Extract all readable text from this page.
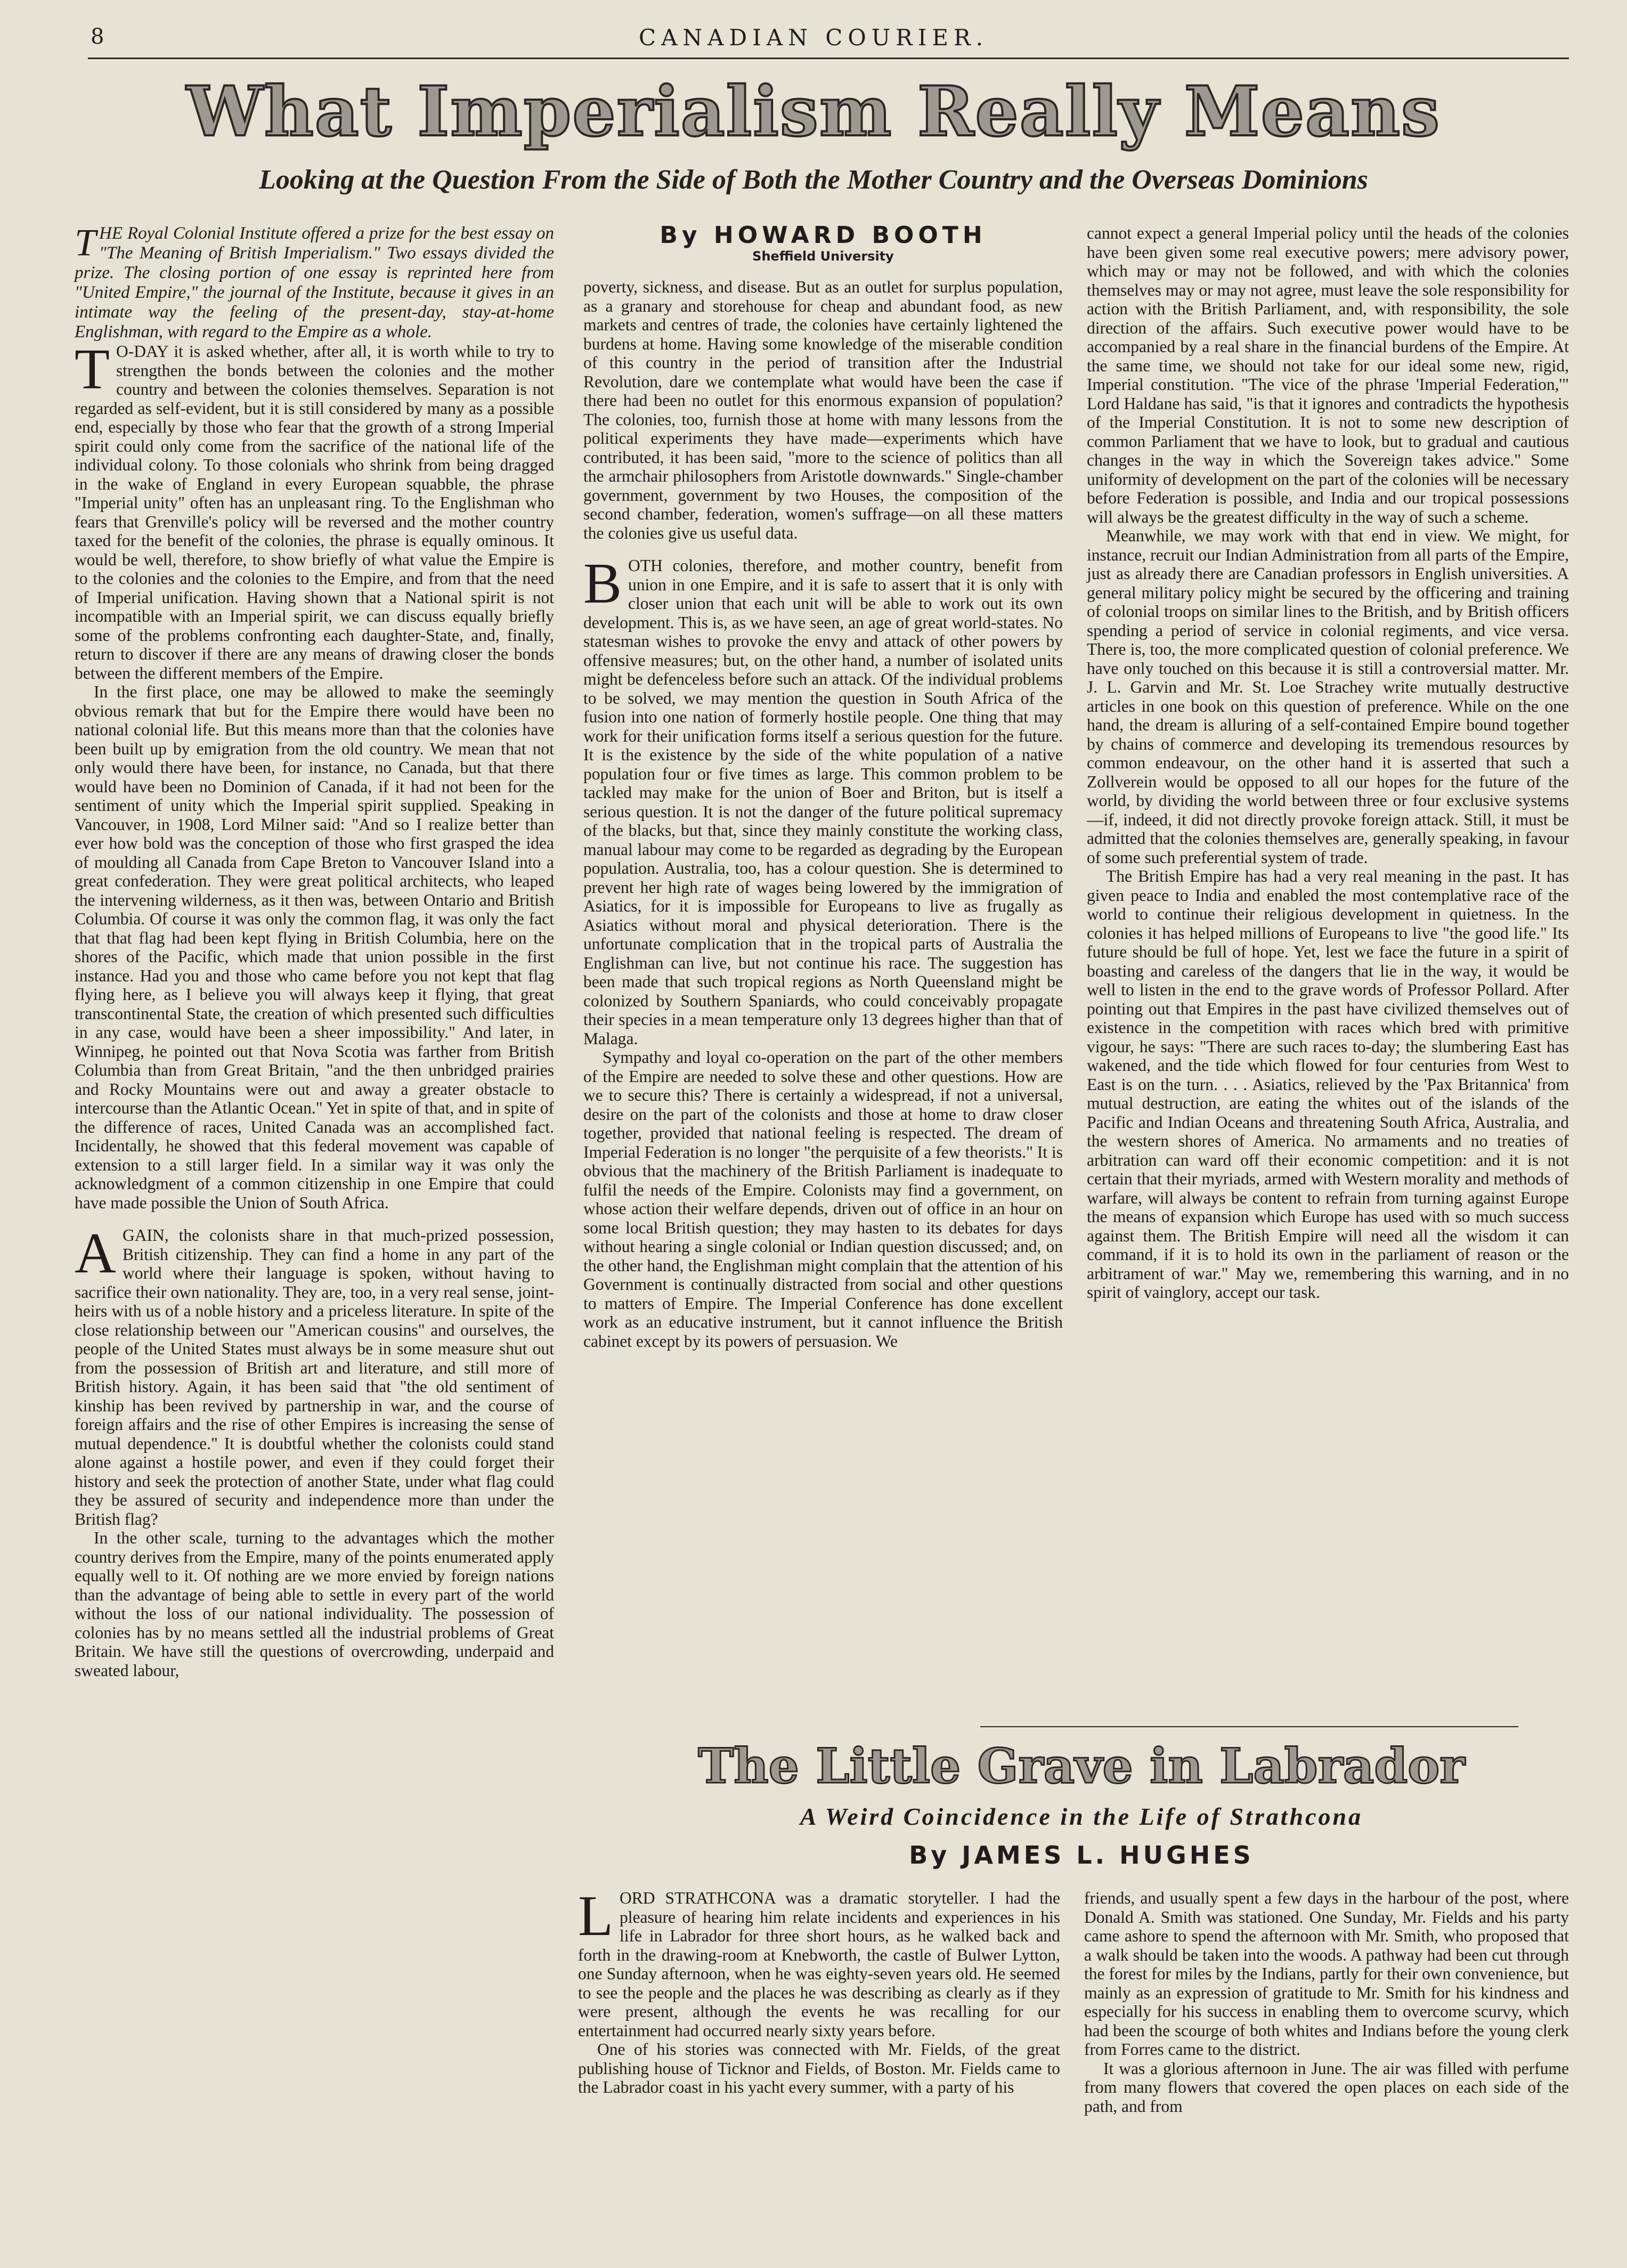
8	CANADIAN COURIER.
What Imperialism Really Means
Looking at the Question From the Side of Both the Mother Country and the Overseas Dominions

THE Royal Colonial Institute offered a prize for the best essay on "The Meaning of British Imperialism." Two essays divided the prize. The closing portion of one essay is reprinted here from "United Empire," the journal of the Institute, because it gives in an intimate way the feeling of the present-day, stay-at-home Englishman, with regard to the Empire as a whole.

T O-DAY it is asked whether, after all, it is worth while to try to strengthen the bonds between the colonies and the mother country and between the colonies themselves. Separation is not regarded as self-evident, but it is still considered by many as a possible end, especially by those who fear that the growth of a strong Imperial spirit could only come from the sacrifice of the national life of the individual colony. To those colonials who shrink from being dragged in the wake of England in every European squabble, the phrase "Imperial unity" often has an unpleasant ring. To the Englishman who fears that Grenville's policy will be reversed and the mother country taxed for the benefit of the colonies, the phrase is equally ominous. It would be well, therefore, to show briefly of what value the Empire is to the colonies and the colonies to the Empire, and from that the need of Imperial unification. Having shown that a National spirit is not incompatible with an Imperial spirit, we can discuss equally briefly some of the problems confronting each daughter-State, and, finally, return to discover if there are any means of drawing closer the bonds between the different members of the Empire.

In the first place, one may be allowed to make the seemingly obvious remark that but for the Empire there would have been no national colonial life. But this means more than that the colonies have been built up by emigration from the old country. We mean that not only would there have been, for instance, no Canada, but that there would have been no Dominion of Canada, if it had not been for the sentiment of unity which the Imperial spirit supplied. Speaking in Vancouver, in 1908, Lord Milner said: "And so I realize better than ever how bold was the conception of those who first grasped the idea of moulding all Canada from Cape Breton to Vancouver Island into a great confederation. They were great political architects, who leaped the intervening wilderness, as it then was, between Ontario and British Columbia. Of course it was only the common flag, it was only the fact that that flag had been kept flying in British Columbia, here on the shores of the Pacific, which made that union possible in the first instance. Had you and those who came before you not kept that flag flying here, as I believe you will always keep it flying, that great transcontinental State, the creation of which presented such difficulties in any case, would have been a sheer impossibility." And later, in Winnipeg, he pointed out that Nova Scotia was farther from British Columbia than from Great Britain, "and the then unbridged prairies and Rocky Mountains were out and away a greater obstacle to intercourse than the Atlantic Ocean." Yet in spite of that, and in spite of the difference of races, United Canada was an accomplished fact. Incidentally, he showed that this federal movement was capable of extension to a still larger field. In a similar way it was only the acknowledgment of a common citizenship in one Empire that could have made possible the Union of South Africa.

AGAIN, the colonists share in that much-prized possession, British citizenship. They can find a home in any part of the world where their language is spoken, without having to sacrifice their own nationality. They are, too, in a very real sense, joint-heirs with us of a noble history and a priceless literature. In spite of the close relationship between our "American cousins" and ourselves, the people of the United States must always be in some measure shut out from the possession of British art and literature, and still more of British history. Again, it has been said that "the old sentiment of kinship has been revived by partnership in war, and the course of foreign affairs and the rise of other Empires is increasing the sense of mutual dependence." It is doubtful whether the colonists could stand alone against a hostile power, and even if they could forget their history and seek the protection of another State, under what flag could they be assured of security and independence more than under the British flag?

In the other scale, turning to the advantages which the mother country derives from the Empire, many of the points enumerated apply equally well to it. Of nothing are we more envied by foreign nations than the advantage of being able to settle in every part of the world without the loss of our national individuality. The possession of colonies has by no means settled all the industrial problems of Great Britain. We have still the questions of overcrowding, underpaid and sweated labour,

By HOWARD BOOTH
Sheffield University

poverty, sickness, and disease. But as an outlet for surplus population, as a granary and storehouse for cheap and abundant food, as new markets and centres of trade, the colonies have certainly lightened the burdens at home. Having some knowledge of the miserable condition of this country in the period of transition after the Industrial Revolution, dare we contemplate what would have been the case if there had been no outlet for this enormous expansion of population? The colonies, too, furnish those at home with many lessons from the political experiments they have made—experiments which have contributed, it has been said, "more to the science of politics than all the armchair philosophers from Aristotle downwards." Single-chamber government, government by two Houses, the composition of the second chamber, federation, women's suffrage—on all these matters the colonies give us useful data.

BOTH colonies, therefore, and mother country, benefit from union in one Empire, and it is safe to assert that it is only with closer union that each unit will be able to work out its own development. This is, as we have seen, an age of great world-states. No statesman wishes to provoke the envy and attack of other powers by offensive measures; but, on the other hand, a number of isolated units might be defenceless before such an attack. Of the individual problems to be solved, we may mention the question in South Africa of the fusion into one nation of formerly hostile people. One thing that may work for their unification forms itself a serious question for the future. It is the existence by the side of the white population of a native population four or five times as large. This common problem to be tackled may make for the union of Boer and Briton, but is itself a serious question. It is not the danger of the future political supremacy of the blacks, but that, since they mainly constitute the working class, manual labour may come to be regarded as degrading by the European population. Australia, too, has a colour question. She is determined to prevent her high rate of wages being lowered by the immigration of Asiatics, for it is impossible for Europeans to live as frugally as Asiatics without moral and physical deterioration. There is the unfortunate complication that in the tropical parts of Australia the Englishman can live, but not continue his race. The suggestion has been made that such tropical regions as North Queensland might be colonized by Southern Spaniards, who could conceivably propagate their species in a mean temperature only 13 degrees higher than that of Malaga.

Sympathy and loyal co-operation on the part of the other members of the Empire are needed to solve these and other questions. How are we to secure this? There is certainly a widespread, if not a universal, desire on the part of the colonists and those at home to draw closer together, provided that national feeling is respected. The dream of Imperial Federation is no longer "the perquisite of a few theorists." It is obvious that the machinery of the British Parliament is inadequate to fulfil the needs of the Empire. Colonists may find a government, on whose action their welfare depends, driven out of office in an hour on some local British question; they may hasten to its debates for days without hearing a single colonial or Indian question discussed; and, on the other hand, the Englishman might complain that the attention of his Government is continually distracted from social and other questions to matters of Empire. The Imperial Conference has done excellent work as an educative instrument, but it cannot influence the British cabinet except by its powers of persuasion. We

cannot expect a general Imperial policy until the heads of the colonies have been given some real executive powers; mere advisory power, which may or may not be followed, and with which the colonies themselves may or may not agree, must leave the sole responsibility for action with the British Parliament, and, with responsibility, the sole direction of the affairs. Such executive power would have to be accompanied by a real share in the financial burdens of the Empire. At the same time, we should not take for our ideal some new, rigid, Imperial constitution. "The vice of the phrase 'Imperial Federation,'" Lord Haldane has said, "is that it ignores and contradicts the hypothesis of the Imperial Constitution. It is not to some new description of common Parliament that we have to look, but to gradual and cautious changes in the way in which the Sovereign takes advice." Some uniformity of development on the part of the colonies will be necessary before Federation is possible, and India and our tropical possessions will always be the greatest difficulty in the way of such a scheme.

Meanwhile, we may work with that end in view. We might, for instance, recruit our Indian Administration from all parts of the Empire, just as already there are Canadian professors in English universities. A general military policy might be secured by the officering and training of colonial troops on similar lines to the British, and by British officers spending a period of service in colonial regiments, and vice versa. There is, too, the more complicated question of colonial preference. We have only touched on this because it is still a controversial matter. Mr. J. L. Garvin and Mr. St. Loe Strachey write mutually destructive articles in one book on this question of preference. While on the one hand, the dream is alluring of a self-contained Empire bound together by chains of commerce and developing its tremendous resources by common endeavour, on the other hand it is asserted that such a Zollverein would be opposed to all our hopes for the future of the world, by dividing the world between three or four exclusive systems—if, indeed, it did not directly provoke foreign attack. Still, it must be admitted that the colonies themselves are, generally speaking, in favour of some such preferential system of trade.

The British Empire has had a very real meaning in the past. It has given peace to India and enabled the most contemplative race of the world to continue their religious development in quietness. In the colonies it has helped millions of Europeans to live "the good life." Its future should be full of hope. Yet, lest we face the future in a spirit of boasting and careless of the dangers that lie in the way, it would be well to listen in the end to the grave words of Professor Pollard. After pointing out that Empires in the past have civilized themselves out of existence in the competition with races which bred with primitive vigour, he says: "There are such races to-day; the slumbering East has wakened, and the tide which flowed for four centuries from West to East is on the turn. . . . Asiatics, relieved by the 'Pax Britannica' from mutual destruction, are eating the whites out of the islands of the Pacific and Indian Oceans and threatening South Africa, Australia, and the western shores of America. No armaments and no treaties of arbitration can ward off their economic competition: and it is not certain that their myriads, armed with Western morality and methods of warfare, will always be content to refrain from turning against Europe the means of expansion which Europe has used with so much success against them. The British Empire will need all the wisdom it can command, if it is to hold its own in the parliament of reason or the arbitrament of war." May we, remembering this warning, and in no spirit of vainglory, accept our task.

The Little Grave in Labrador
A Weird Coincidence in the Life of Strathcona
By JAMES L. HUGHES

LORD STRATHCONA was a dramatic storyteller. I had the pleasure of hearing him relate incidents and experiences in his life in Labrador for three short hours, as he walked back and forth in the drawing-room at Knebworth, the castle of Bulwer Lytton, one Sunday afternoon, when he was eighty-seven years old. He seemed to see the people and the places he was describing as clearly as if they were present, although the events he was recalling for our entertainment had occurred nearly sixty years before.

One of his stories was connected with Mr. Fields, of the great publishing house of Ticknor and Fields, of Boston. Mr. Fields came to the Labrador coast in his yacht every summer, with a party of his

friends, and usually spent a few days in the harbour of the post, where Donald A. Smith was stationed. One Sunday, Mr. Fields and his party came ashore to spend the afternoon with Mr. Smith, who proposed that a walk should be taken into the woods. A pathway had been cut through the forest for miles by the Indians, partly for their own convenience, but mainly as an expression of gratitude to Mr. Smith for his kindness and especially for his success in enabling them to overcome scurvy, which had been the scourge of both whites and Indians before the young clerk from Forres came to the district.

It was a glorious afternoon in June. The air was filled with perfume from many flowers that covered the open places on each side of the path, and from
